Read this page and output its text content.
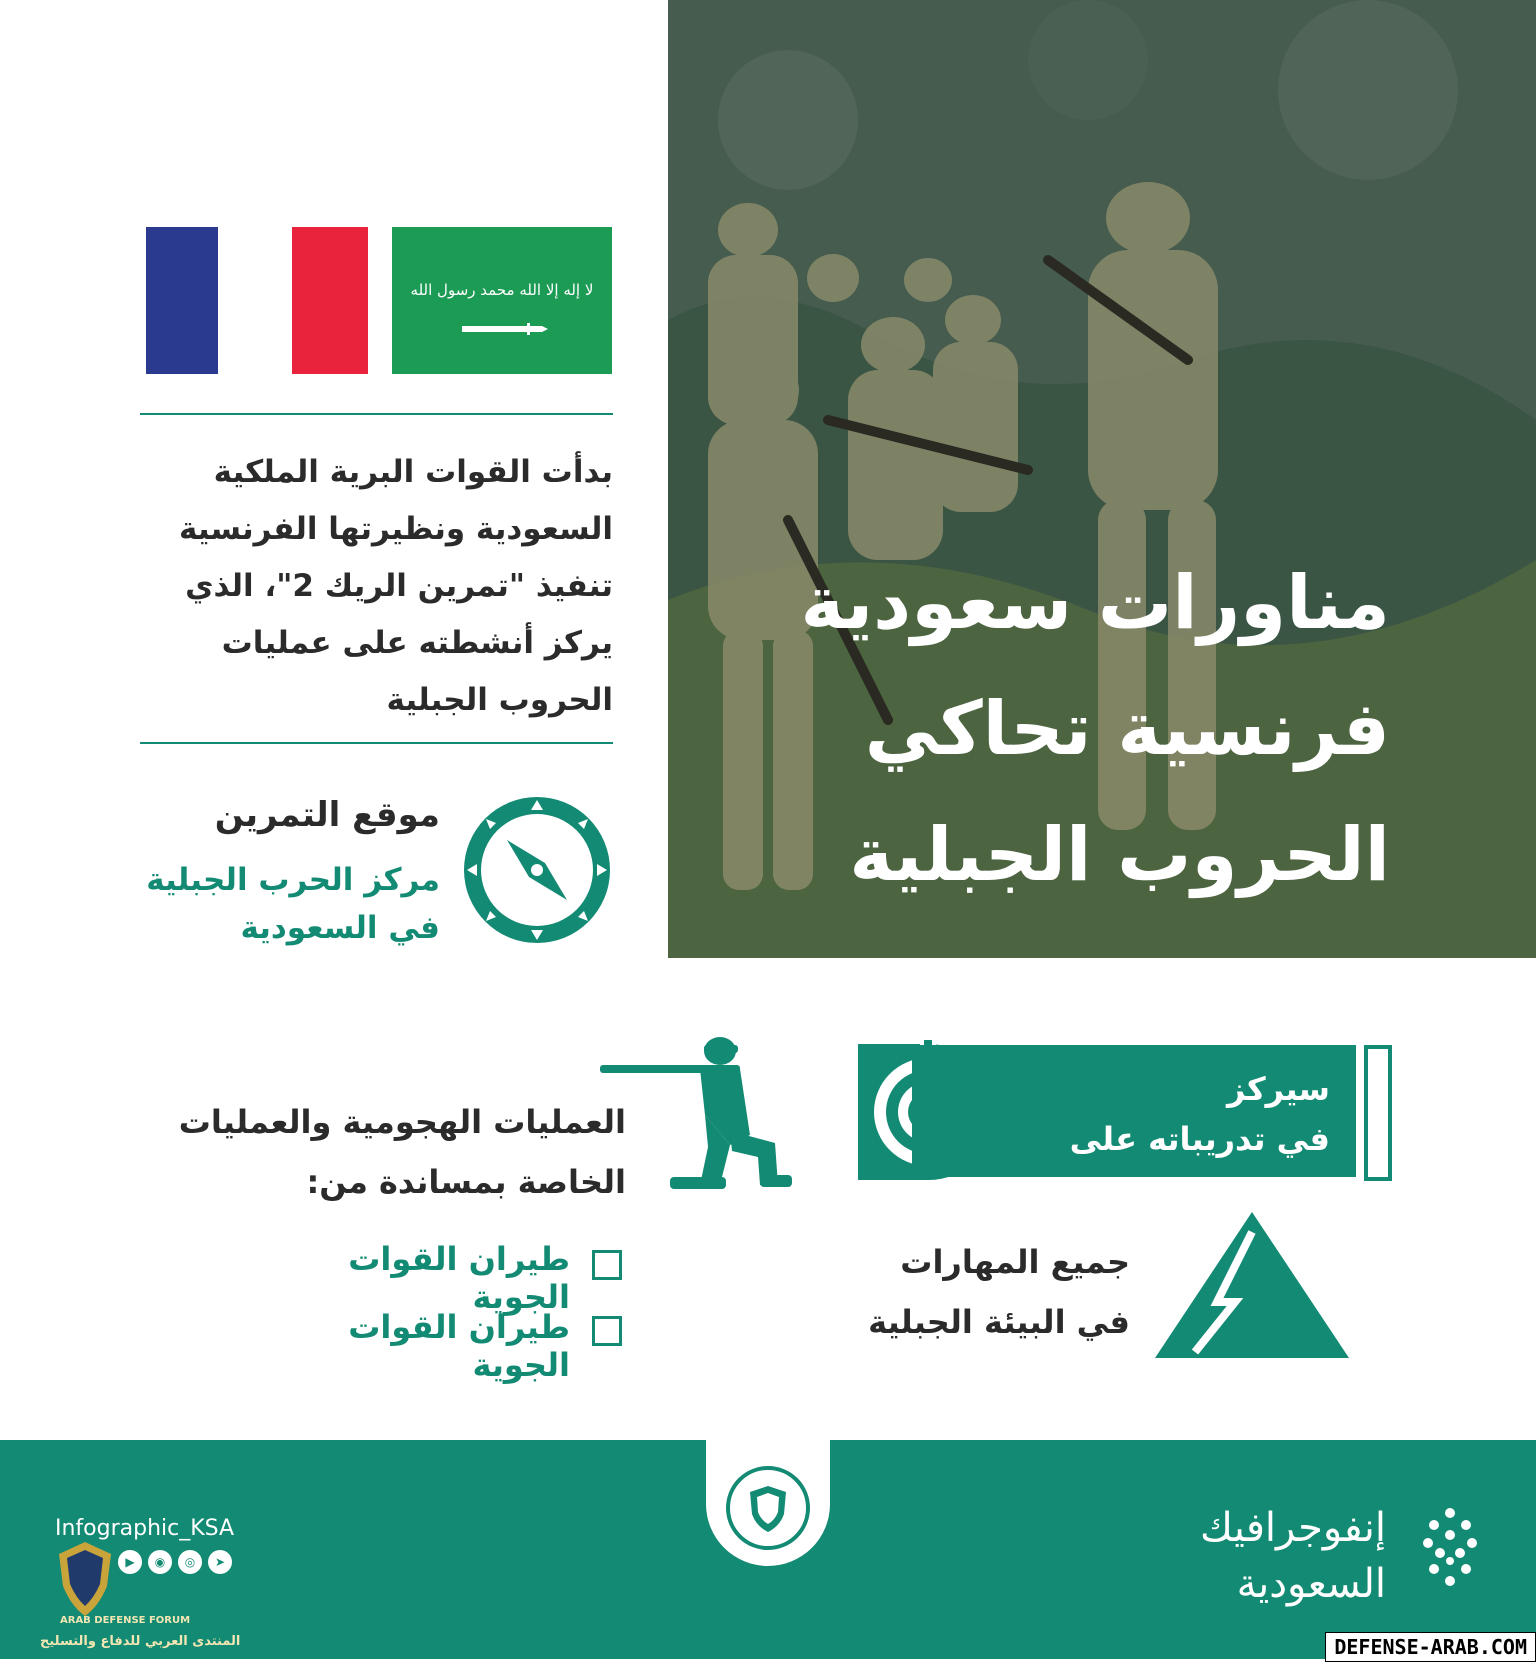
مناورات سعودية
فرنسية تحاكي
الحروب الجبلية
لا إله إلا الله محمد رسول الله
بدأت القوات البرية الملكية السعودية ونظيرتها الفرنسية تنفيذ "تمرين الريك 2"، الذي يركز أنشطته على عمليات الحروب الجبلية
موقع التمرين
مركز الحرب الجبلية
في السعودية
سيركز
في تدريباته على
جميع المهارات
في البيئة الجبلية
العمليات الهجومية والعمليات
الخاصة بمساندة من:
طيران القوات الجوية
طيران القوات الجوية
إنفوجرافيك
السعودية
Infographic_KSA
▶	◉	◎	➤
ARAB DEFENSE FORUM
المنتدى العربي للدفاع والتسليح	DEFENSE-ARAB.COM
